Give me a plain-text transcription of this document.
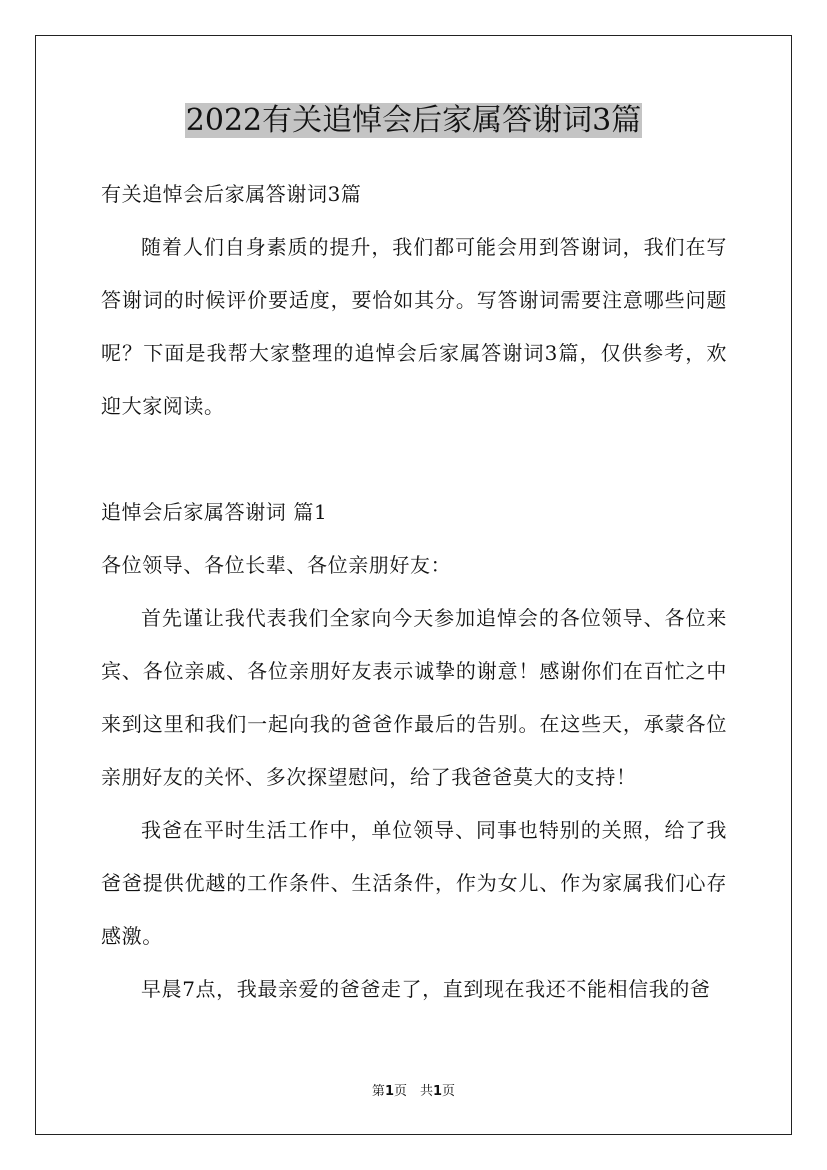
2022有关追悼会后家属答谢词3篇

有关追悼会后家属答谢词3篇

随着人们自身素质的提升，我们都可能会用到答谢词，我们在写答谢词的时候评价要适度，要恰如其分。写答谢词需要注意哪些问题呢？下面是我帮大家整理的追悼会后家属答谢词3篇，仅供参考，欢迎大家阅读。

追悼会后家属答谢词 篇1

各位领导、各位长辈、各位亲朋好友：

首先谨让我代表我们全家向今天参加追悼会的各位领导、各位来宾、各位亲戚、各位亲朋好友表示诚挚的谢意！感谢你们在百忙之中来到这里和我们一起向我的爸爸作最后的告别。在这些天，承蒙各位亲朋好友的关怀、多次探望慰问，给了我爸爸莫大的支持！

我爸在平时生活工作中，单位领导、同事也特别的关照，给了我爸爸提供优越的工作条件、生活条件，作为女儿、作为家属我们心存感激。

早晨7点，我最亲爱的爸爸走了，直到现在我还不能相信我的爸

第1页　共1页
